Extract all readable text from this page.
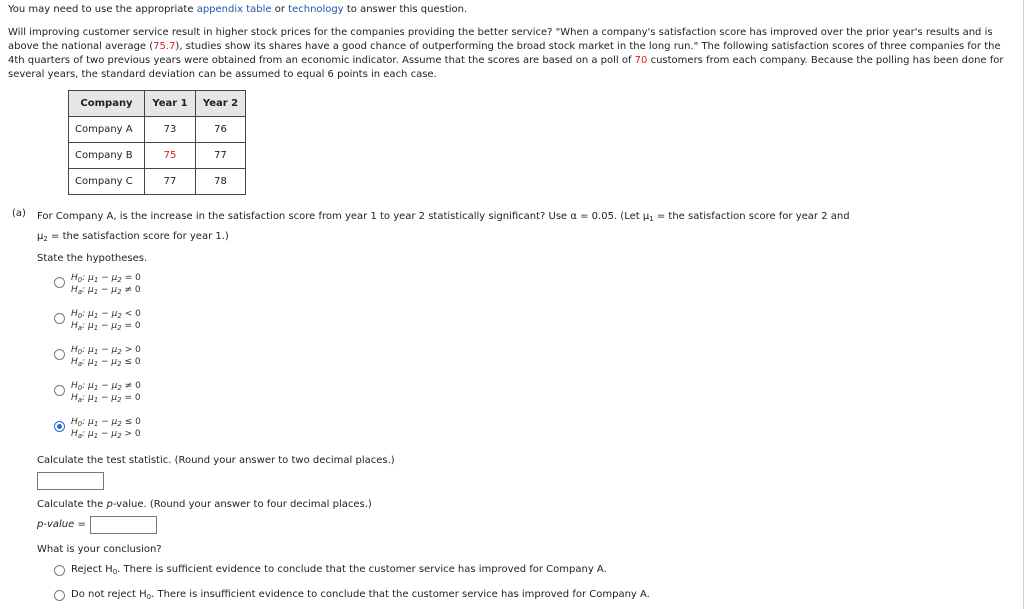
You may need to use the appropriate appendix table or technology to answer this question.
Will improving customer service result in higher stock prices for the companies providing the better service? "When a company's satisfaction score has improved over the prior year's results and is above the national average (75.7), studies show its shares have a good chance of outperforming the broad stock market in the long run." The following satisfaction scores of three companies for the 4th quarters of two previous years were obtained from an economic indicator. Assume that the scores are based on a poll of 70 customers from each company. Because the polling has been done for several years, the standard deviation can be assumed to equal 6 points in each case.
Company	Year 1	Year 2
Company A	73	76
Company B	75	77
Company C	77	78
(a) For Company A, is the increase in the satisfaction score from year 1 to year 2 statistically significant? Use α = 0.05. (Let $\mu_1$ = the satisfaction score for year 2 and
$\mu_2$ = the satisfaction score for year 1.)
State the hypotheses.
$H_0$: $\mu_1 - \mu_2 = 0$
$H_a$: $\mu_1 - \mu_2 \ne 0$
$H_0$: $\mu_1 - \mu_2 < 0$
$H_a$: $\mu_1 - \mu_2 = 0$
$H_0$: $\mu_1 - \mu_2 > 0$
$H_a$: $\mu_1 - \mu_2 \le 0$
$H_0$: $\mu_1 - \mu_2 \ne 0$
$H_a$: $\mu_1 - \mu_2 = 0$
$H_0$: $\mu_1 - \mu_2 \le 0$
$H_a$: $\mu_1 - \mu_2 > 0$
Calculate the test statistic. (Round your answer to two decimal places.)
Calculate the p-value. (Round your answer to four decimal places.)
p-value =
What is your conclusion?
Reject $H_0$. There is sufficient evidence to conclude that the customer service has improved for Company A.
Do not reject $H_0$. There is insufficient evidence to conclude that the customer service has improved for Company A.
